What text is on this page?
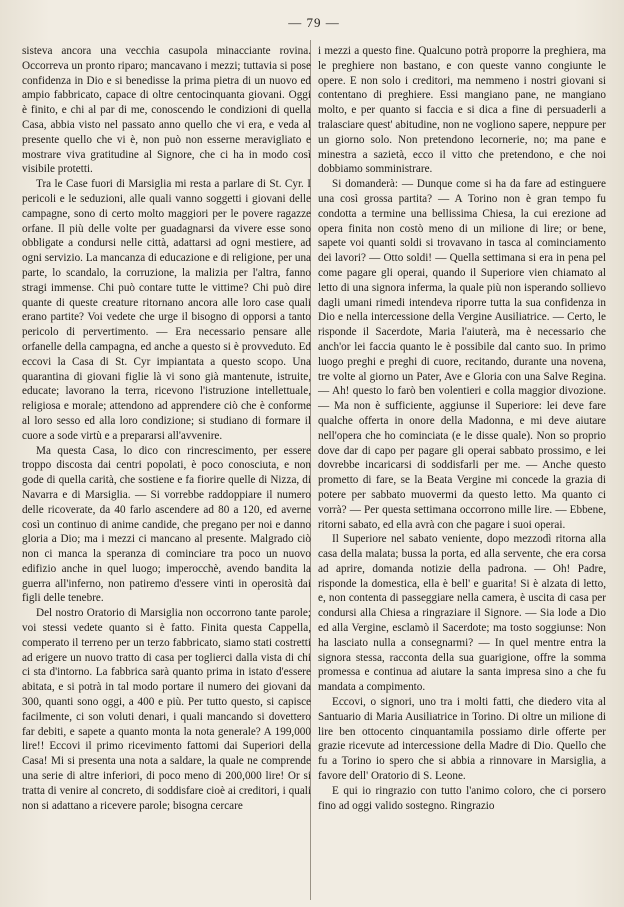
— 79 —

sisteva ancora una vecchia casupola minacciante rovina. Occorreva un pronto riparo; mancavano i mezzi; tuttavia si pose confidenza in Dio e si benedisse la prima pietra di un nuovo ed ampio fabbricato, capace di oltre centocinquanta giovani. Oggi è finito, e chi al par di me, conoscendo le condizioni di quella Casa, abbia visto nel passato anno quello che vi era, e veda al presente quello che vi è, non può non esserne meravigliato e mostrare viva gratitudine al Signore, che ci ha in modo così visibile protetti.

Tra le Case fuori di Marsiglia mi resta a parlare di St. Cyr. I pericoli e le seduzioni, alle quali vanno soggetti i giovani delle campagne, sono di certo molto maggiori per le povere ragazze orfane. Il più delle volte per guadagnarsi da vivere esse sono obbligate a condursi nelle città, adattarsi ad ogni mestiere, ad ogni servizio. La mancanza di educazione e di religione, per una parte, lo scandalo, la corruzione, la malizia per l'altra, fanno stragi immense. Chi può contare tutte le vittime? Chi può dire quante di queste creature ritornano ancora alle loro case quali erano partite? Voi vedete che urge il bisogno di opporsi a tanto pericolo di pervertimento. — Era necessario pensare alle orfanelle della campagna, ed anche a questo si è provveduto. Ed eccovi la Casa di St. Cyr impiantata a questo scopo. Una quarantina di giovani figlie là vi sono già mantenute, istruite, educate; lavorano la terra, ricevono l'istruzione intellettuale, religiosa e morale; attendono ad apprendere ciò che è conforme al loro sesso ed alla loro condizione; si studiano di formare il cuore a sode virtù e a prepararsi all'avvenire.

Ma questa Casa, lo dico con rincrescimento, per essere troppo discosta dai centri popolati, è poco conosciuta, e non gode di quella carità, che sostiene e fa fiorire quelle di Nizza, di Navarra e di Marsiglia. — Si vorrebbe raddoppiare il numero delle ricoverate, da 40 farlo ascendere ad 80 a 120, ed averne così un continuo di anime candide, che pregano per noi e danno gloria a Dio; ma i mezzi ci mancano al presente. Malgrado ciò non ci manca la speranza di cominciare tra poco un nuovo edifizio anche in quel luogo; imperocchè, avendo bandita la guerra all'inferno, non patiremo d'essere vinti in operosità dai figli delle tenebre.

Del nostro Oratorio di Marsiglia non occorrono tante parole; voi stessi vedete quanto si è fatto. Finita questa Cappella, comperato il terreno per un terzo fabbricato, siamo stati costretti ad erigere un nuovo tratto di casa per toglierci dalla vista di chi ci sta d'intorno. La fabbrica sarà quanto prima in istato d'essere abitata, e si potrà in tal modo portare il numero dei giovani da 300, quanti sono oggi, a 400 e più. Per tutto questo, si capisce facilmente, ci son voluti denari, i quali mancando si dovettero far debiti, e sapete a quanto monta la nota generale? A 199,000 lire!! Eccovi il primo ricevimento fattomi dai Superiori della Casa! Mi si presenta una nota a saldare, la quale ne comprende una serie di altre inferiori, di poco meno di 200,000 lire! Or si tratta di venire al concreto, di soddisfare cioè ai creditori, i quali non si adattano a ricevere parole; bisogna cercare

i mezzi a questo fine. Qualcuno potrà proporre la preghiera, ma le preghiere non bastano, e con queste vanno congiunte le opere. E non solo i creditori, ma nemmeno i nostri giovani si contentano di preghiere. Essi mangiano pane, ne mangiano molto, e per quanto si faccia e si dica a fine di persuaderli a tralasciare quest' abitudine, non ne vogliono sapere, neppure per un giorno solo. Non pretendono lecornerie, no; ma pane e minestra a sazietà, ecco il vitto che pretendono, e che noi dobbiamo somministrare.

Si domanderà: — Dunque come si ha da fare ad estinguere una così grossa partita? — A Torino non è gran tempo fu condotta a termine una bellissima Chiesa, la cui erezione ad opera finita non costò meno di un milione di lire; or bene, sapete voi quanti soldi si trovavano in tasca al cominciamento dei lavori? — Otto soldi! — Quella settimana si era in pena pel come pagare gli operai, quando il Superiore vien chiamato al letto di una signora inferma, la quale più non isperando sollievo dagli umani rimedi intendeva riporre tutta la sua confidenza in Dio e nella intercessione della Vergine Ausiliatrice. — Certo, le risponde il Sacerdote, Maria l'aiuterà, ma è necessario che anch'or lei faccia quanto le è possibile dal canto suo. In primo luogo preghi e preghi di cuore, recitando, durante una novena, tre volte al giorno un Pater, Ave e Gloria con una Salve Regina. — Ah! questo lo farò ben volentieri e colla maggior divozione. — Ma non è sufficiente, aggiunse il Superiore: lei deve fare qualche offerta in onore della Madonna, e mi deve aiutare nell'opera che ho cominciata (e le disse quale). Non so proprio dove dar di capo per pagare gli operai sabbato prossimo, e lei dovrebbe incaricarsi di soddisfarli per me. — Anche questo prometto di fare, se la Beata Vergine mi concede la grazia di potere per sabbato muovermi da questo letto. Ma quanto ci vorrà? — Per questa settimana occorrono mille lire. — Ebbene, ritorni sabato, ed ella avrà con che pagare i suoi operai.

Il Superiore nel sabato veniente, dopo mezzodì ritorna alla casa della malata; bussa la porta, ed alla serventе, che era corsa ad aprire, domanda notizie della padrona. — Oh! Padre, risponde la domestica, ella è bell' e guarita! Si è alzata di letto, e, non contenta di passeggiare nella camera, è uscita di casa per condursi alla Chiesa a ringraziare il Signore. — Sia lode a Dio ed alla Vergine, esclamò il Sacerdote; ma tosto soggiunse: Non ha lasciato nulla a consegnarmi? — In quel mentre entra la signora stessa, racconta della sua guarigione, offre la somma promessa e continua ad aiutare la santa impresa sino a che fu mandata a compimento.

Eccovi, o signori, uno tra i molti fatti, che diedero vita al Santuario di Maria Ausiliatrice in Torino. Di oltre un milione di lire ben ottocento cinquantamila possiamo dirle offerte per grazie ricevute ad intercessione della Madre di Dio. Quello che fu a Torino io spero che si abbia a rinnovare in Marsiglia, a favore dell' Oratorio di S. Leone.

E qui io ringrazio con tutto l'animo coloro, che ci porsero fino ad oggi valido sostegno. Ringrazio
